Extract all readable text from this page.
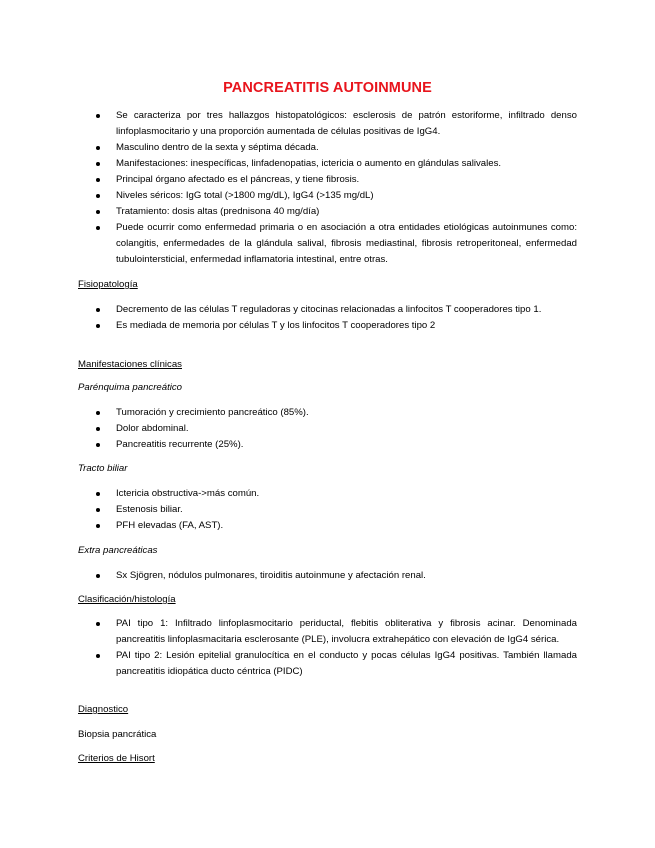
PANCREATITIS AUTOINMUNE
Se caracteriza por tres hallazgos histopatológicos: esclerosis de patrón estoriforme, infiltrado denso linfoplasmocitario y una proporción aumentada de células positivas de IgG4.
Masculino dentro de la sexta y séptima década.
Manifestaciones: inespecíficas, linfadenopatias, ictericia o aumento en glándulas salivales.
Principal órgano afectado es el páncreas, y tiene fibrosis.
Niveles séricos: IgG total (>1800 mg/dL), IgG4 (>135 mg/dL)
Tratamiento: dosis altas (prednisona 40 mg/día)
Puede ocurrir como enfermedad primaria o en asociación a otra entidades etiológicas autoinmunes como: colangitis, enfermedades de la glándula salival, fibrosis mediastinal, fibrosis retroperitoneal, enfermedad tubulointersticial, enfermedad inflamatoria intestinal, entre otras.
Fisiopatología
Decremento de las células T reguladoras y citocinas relacionadas a linfocitos T cooperadores tipo 1.
Es mediada de memoria por células T y los linfocitos T cooperadores tipo 2
Manifestaciones clínicas
Parénquima pancreático
Tumoración y crecimiento pancreático (85%).
Dolor abdominal.
Pancreatitis recurrente (25%).
Tracto biliar
Ictericia obstructiva->más común.
Estenosis biliar.
PFH elevadas (FA, AST).
Extra pancreáticas
Sx Sjögren, nódulos pulmonares, tiroiditis autoinmune y afectación renal.
Clasificación/histología
PAI tipo 1: Infiltrado linfoplasmocitario periductal, flebitis obliterativa y fibrosis acinar. Denominada pancreatitis linfoplasmacitaria esclerosante (PLE), involucra extrahepático con elevación de IgG4 sérica.
PAI tipo 2: Lesión epitelial granulocítica en el conducto y pocas células IgG4 positivas. También llamada pancreatitis idiopática ducto céntrica (PIDC)
Diagnostico
Biopsia pancrática
Criterios de Hisort
